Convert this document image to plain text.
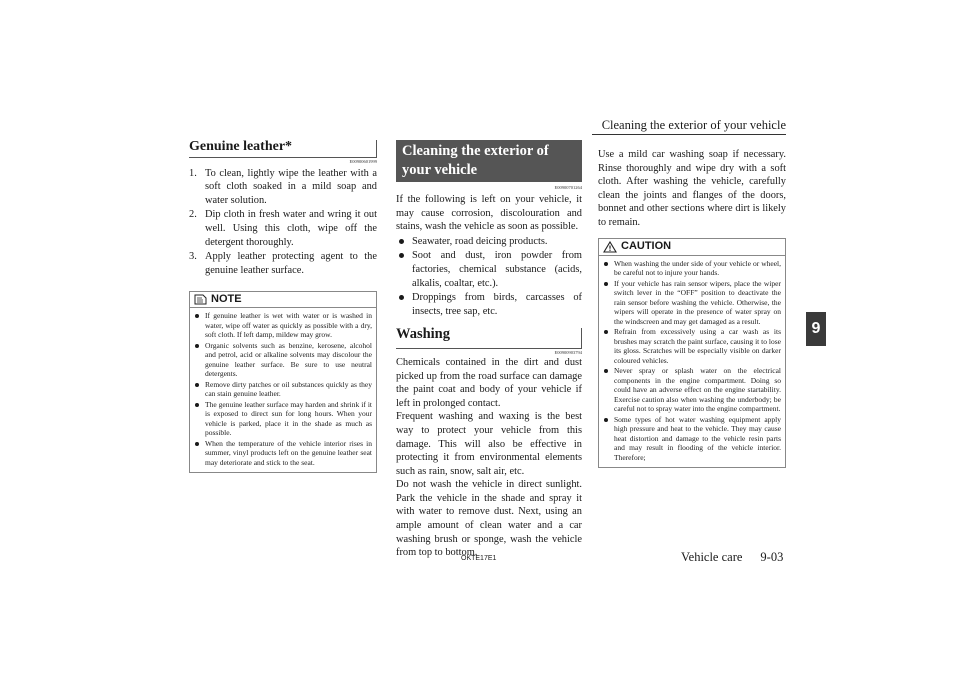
Cleaning the exterior of your vehicle
9
Genuine leather*
E00900601999
1. To clean, lightly wipe the leather with a soft cloth soaked in a mild soap and water solution.
2. Dip cloth in fresh water and wring it out well. Using this cloth, wipe off the detergent thoroughly.
3. Apply leather protecting agent to the genuine leather surface.
NOTE
If genuine leather is wet with water or is washed in water, wipe off water as quickly as possible with a dry, soft cloth. If left damp, mildew may grow.
Organic solvents such as benzine, kerosene, alcohol and petrol, acid or alkaline solvents may discolour the genuine leather surface. Be sure to use neutral detergents.
Remove dirty patches or oil substances quickly as they can stain genuine leather.
The genuine leather surface may harden and shrink if it is exposed to direct sun for long hours. When your vehicle is parked, place it in the shade as much as possible.
When the temperature of the vehicle interior rises in summer, vinyl products left on the genuine leather seat may deteriorate and stick to the seat.
Cleaning the exterior of
your vehicle
E00900701264
If the following is left on your vehicle, it may cause corrosion, discolouration and stains, wash the vehicle as soon as possible.
Seawater, road deicing products.
Soot and dust, iron powder from factories, chemical substance (acids, alkalis, coaltar, etc.).
Droppings from birds, carcasses of insects, tree sap, etc.
Washing
E00900903794
Chemicals contained in the dirt and dust picked up from the road surface can damage the paint coat and body of your vehicle if left in prolonged contact.
Frequent washing and waxing is the best way to protect your vehicle from this damage. This will also be effective in protecting it from environmental elements such as rain, snow, salt air, etc.
Do not wash the vehicle in direct sunlight. Park the vehicle in the shade and spray it with water to remove dust. Next, using an ample amount of clean water and a car washing brush or sponge, wash the vehicle from top to bottom.
Use a mild car washing soap if necessary. Rinse thoroughly and wipe dry with a soft cloth. After washing the vehicle, carefully clean the joints and flanges of the doors, bonnet and other sections where dirt is likely to remain.
CAUTION
When washing the under side of your vehicle or wheel, be careful not to injure your hands.
If your vehicle has rain sensor wipers, place the wiper switch lever in the “OFF” position to deactivate the rain sensor before washing the vehicle. Otherwise, the wipers will operate in the presence of water spray on the windscreen and may get damaged as a result.
Refrain from excessively using a car wash as its brushes may scratch the paint surface, causing it to lose its gloss. Scratches will be especially visible on darker coloured vehicles.
Never spray or splash water on the electrical components in the engine compartment. Doing so could have an adverse effect on the engine startability. Exercise caution also when washing the underbody; be careful not to spray water into the engine compartment.
Some types of hot water washing equipment apply high pressure and heat to the vehicle. They may cause heat distortion and damage to the vehicle resin parts and may result in flooding of the vehicle interior. Therefore;
OKTE17E1	Vehicle care 9-03
